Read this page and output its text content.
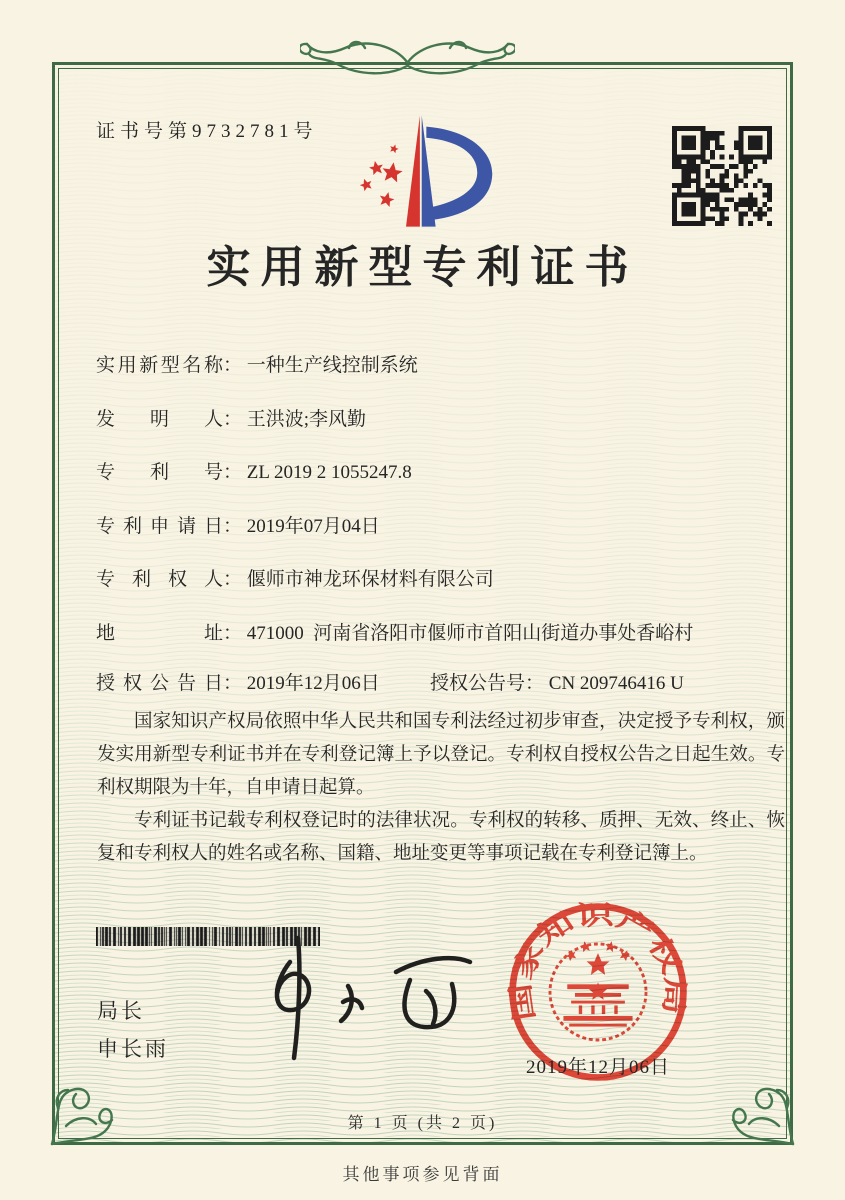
证书号第9732781号
实用新型专利证书
实用新型名称： 一种生产线控制系统
发明人： 王洪波;李风勤
专利号： ZL 2019 2 1055247.8
专利申请日： 2019年07月04日
专利权人： 偃师市神龙环保材料有限公司
地址： 471000  河南省洛阳市偃师市首阳山街道办事处香峪村
授权公告日： 2019年12月06日	授权公告号： CN 209746416 U

国家知识产权局依照中华人民共和国专利法经过初步审查，决定授予专利权，颁发实用新型专利证书并在专利登记簿上予以登记。专利权自授权公告之日起生效。专利权期限为十年，自申请日起算。

专利证书记载专利权登记时的法律状况。专利权的转移、质押、无效、终止、恢复和专利权人的姓名或名称、国籍、地址变更等事项记载在专利登记簿上。

局长
申长雨
国家知识产权局
2019年12月06日
第 1 页 (共 2 页)
其他事项参见背面
